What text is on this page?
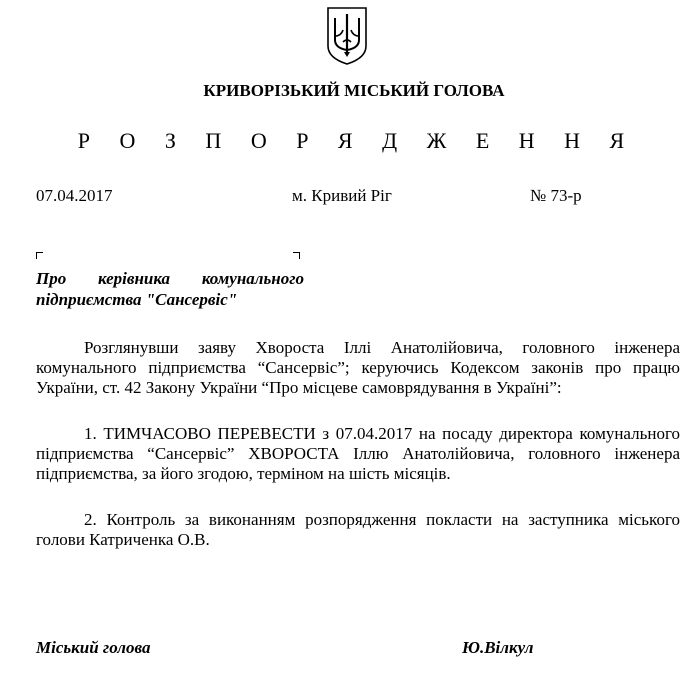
КРИВОРІЗЬКИЙ МІСЬКИЙ ГОЛОВА
Р О З П О Р Я Д Ж Е Н Н Я
07.04.2017	м. Кривий Ріг	№ 73-р
Про керівника комунального
підприємства "Сансервіс"

Розглянувши заяву Хвороста Іллі Анатолійовича, головного інженера комунального підприємства “Сансервіс”; керуючись Кодексом законів про працю України, ст. 42 Закону України “Про місцеве самоврядування в Україні”:

1. ТИМЧАСОВО ПЕРЕВЕСТИ з 07.04.2017 на посаду директора комунального підприємства “Сансервіс” ХВОРОСТА Іллю Анатолійовича, головного інженера підприємства, за його згодою, терміном на шість місяців.

2. Контроль за виконанням розпорядження покласти на заступника міського голови Катриченка О.В.

Міський голова	Ю.Вілкул
